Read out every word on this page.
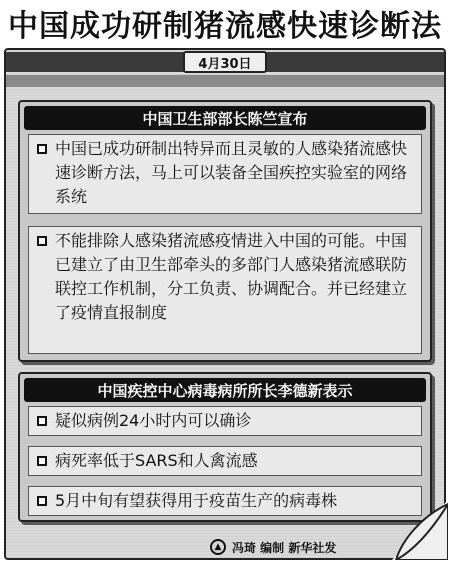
中国成功研制猪流感快速诊断法
4月30日
中国卫生部部长陈竺宣布
中国已成功研制出特异而且灵敏的人感染猪流感快速诊断方法，马上可以装备全国疾控实验室的网络系统
不能排除人感染猪流感疫情进入中国的可能。中国已建立了由卫生部牵头的多部门人感染猪流感联防联控工作机制，分工负责、协调配合。并已经建立了疫情直报制度
中国疾控中心病毒病所所长李德新表示
疑似病例24小时内可以确诊
病死率低于SARS和人禽流感
5月中旬有望获得用于疫苗生产的病毒株
▲ 冯琦 编制 新华社发
